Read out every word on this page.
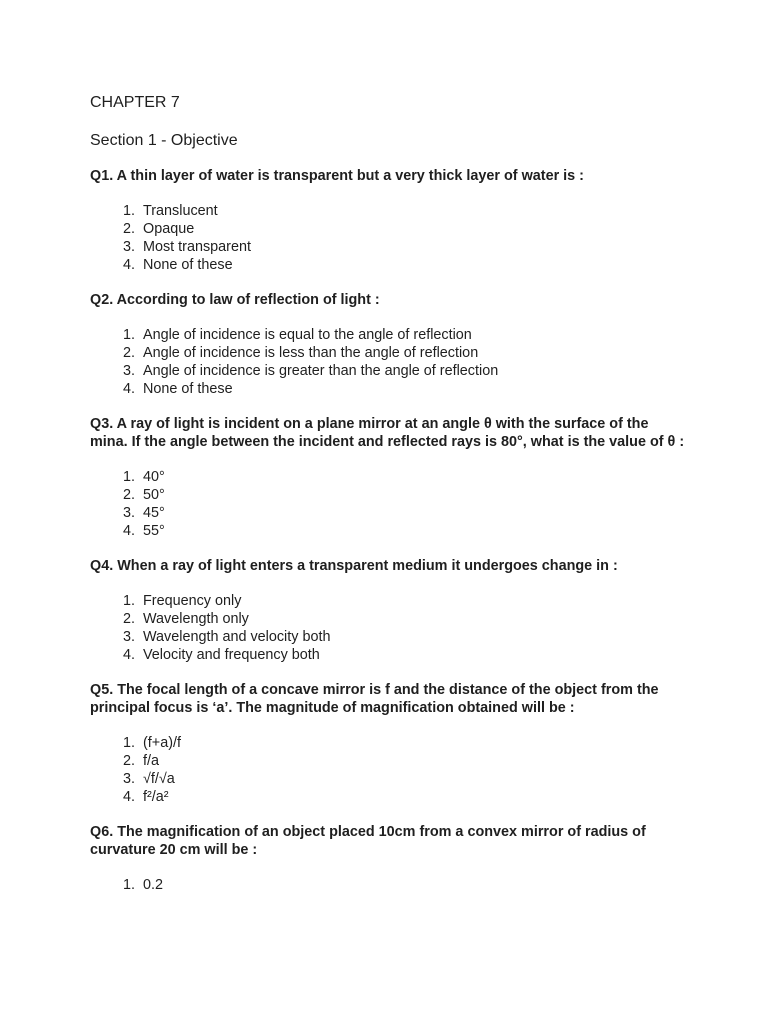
CHAPTER 7
Section 1 - Objective
Q1. A thin layer of water is transparent but a very thick layer of water is :
1.
Translucent
2.
Opaque
3.
Most transparent
4.
None of these
Q2. According to law of reflection of light :
1.
Angle of incidence is equal to the angle of reflection
2.
Angle of incidence is less than the angle of reflection
3.
Angle of incidence is greater than the angle of reflection
4.
None of these
Q3. A ray of light is incident on a plane mirror at an angle θ with the surface of the mina. If the angle between the incident and reflected rays is 80°, what is the value of θ :
1.
40°
2.
50°
3.
45°
4.
55°
Q4. When a ray of light enters a transparent medium it undergoes change in :
1.
Frequency only
2.
Wavelength only
3.
Wavelength and velocity both
4.
Velocity and frequency both
Q5. The focal length of a concave mirror is f and the distance of the object from the principal focus is ‘a’. The magnitude of magnification obtained will be :
1.
(f+a)/f
2.
f/a
3.
√f/√a
4.
f²/a²
Q6. The magnification of an object placed 10cm from a convex mirror of radius of curvature 20 cm will be :
1.
0.2
